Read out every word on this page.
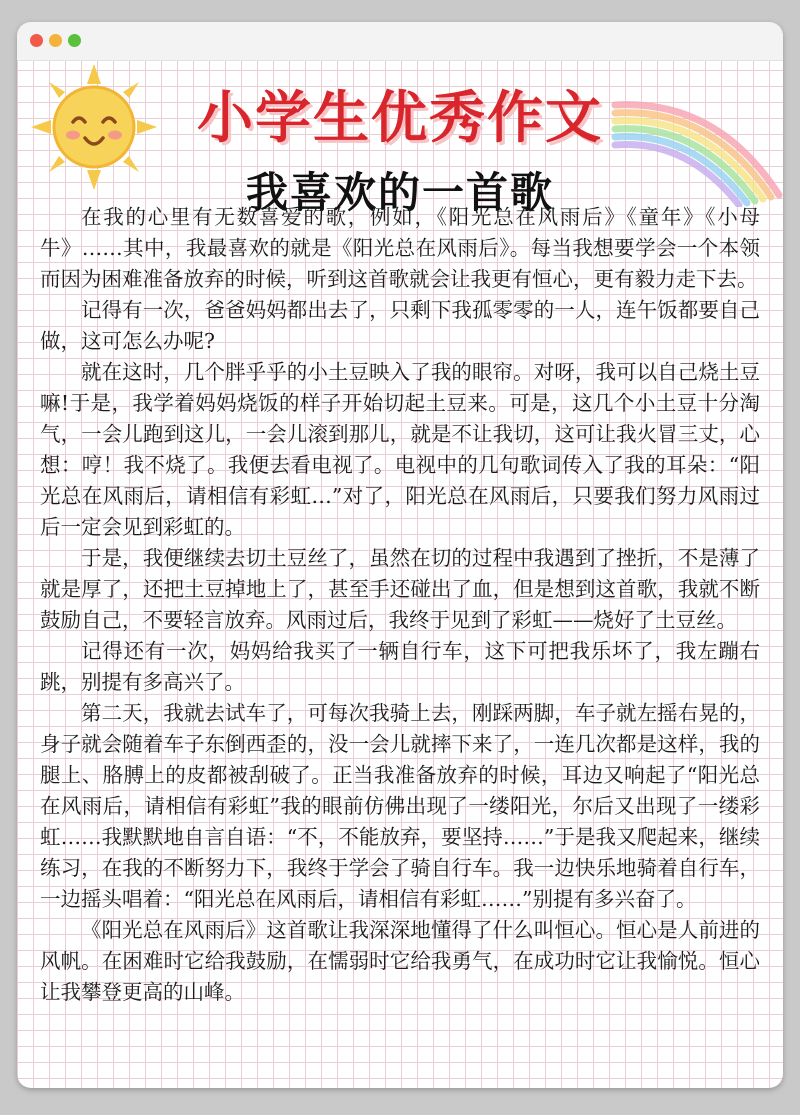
小学生优秀作文
我喜欢的一首歌

在我的心里有无数喜爱的歌，例如，《阳光总在风雨后》《童年》《小母牛》……其中，我最喜欢的就是《阳光总在风雨后》。每当我想要学会一个本领而因为困难准备放弃的时候，听到这首歌就会让我更有恒心，更有毅力走下去。

记得有一次，爸爸妈妈都出去了，只剩下我孤零零的一人，连午饭都要自己做，这可怎么办呢?

就在这时，几个胖乎乎的小土豆映入了我的眼帘。对呀，我可以自己烧土豆嘛!于是，我学着妈妈烧饭的样子开始切起土豆来。可是，这几个小土豆十分淘气，一会儿跑到这儿，一会儿滚到那儿，就是不让我切，这可让我火冒三丈，心想：哼！我不烧了。我便去看电视了。电视中的几句歌词传入了我的耳朵：“阳光总在风雨后，请相信有彩虹…”对了，阳光总在风雨后，只要我们努力风雨过后一定会见到彩虹的。

于是，我便继续去切土豆丝了，虽然在切的过程中我遇到了挫折，不是薄了就是厚了，还把土豆掉地上了，甚至手还碰出了血，但是想到这首歌，我就不断鼓励自己，不要轻言放弃。风雨过后，我终于见到了彩虹——烧好了土豆丝。

记得还有一次，妈妈给我买了一辆自行车，这下可把我乐坏了，我左蹦右跳，别提有多高兴了。

第二天，我就去试车了，可每次我骑上去，刚踩两脚，车子就左摇右晃的，身子就会随着车子东倒西歪的，没一会儿就摔下来了，一连几次都是这样，我的腿上、胳膊上的皮都被刮破了。正当我准备放弃的时候，耳边又响起了“阳光总在风雨后，请相信有彩虹”我的眼前仿佛出现了一缕阳光，尔后又出现了一缕彩虹……我默默地自言自语：“不，不能放弃，要坚持……”于是我又爬起来，继续练习，在我的不断努力下，我终于学会了骑自行车。我一边快乐地骑着自行车，一边摇头唱着：“阳光总在风雨后，请相信有彩虹……”别提有多兴奋了。

《阳光总在风雨后》这首歌让我深深地懂得了什么叫恒心。恒心是人前进的风帆。在困难时它给我鼓励，在懦弱时它给我勇气，在成功时它让我愉悦。恒心让我攀登更高的山峰。
